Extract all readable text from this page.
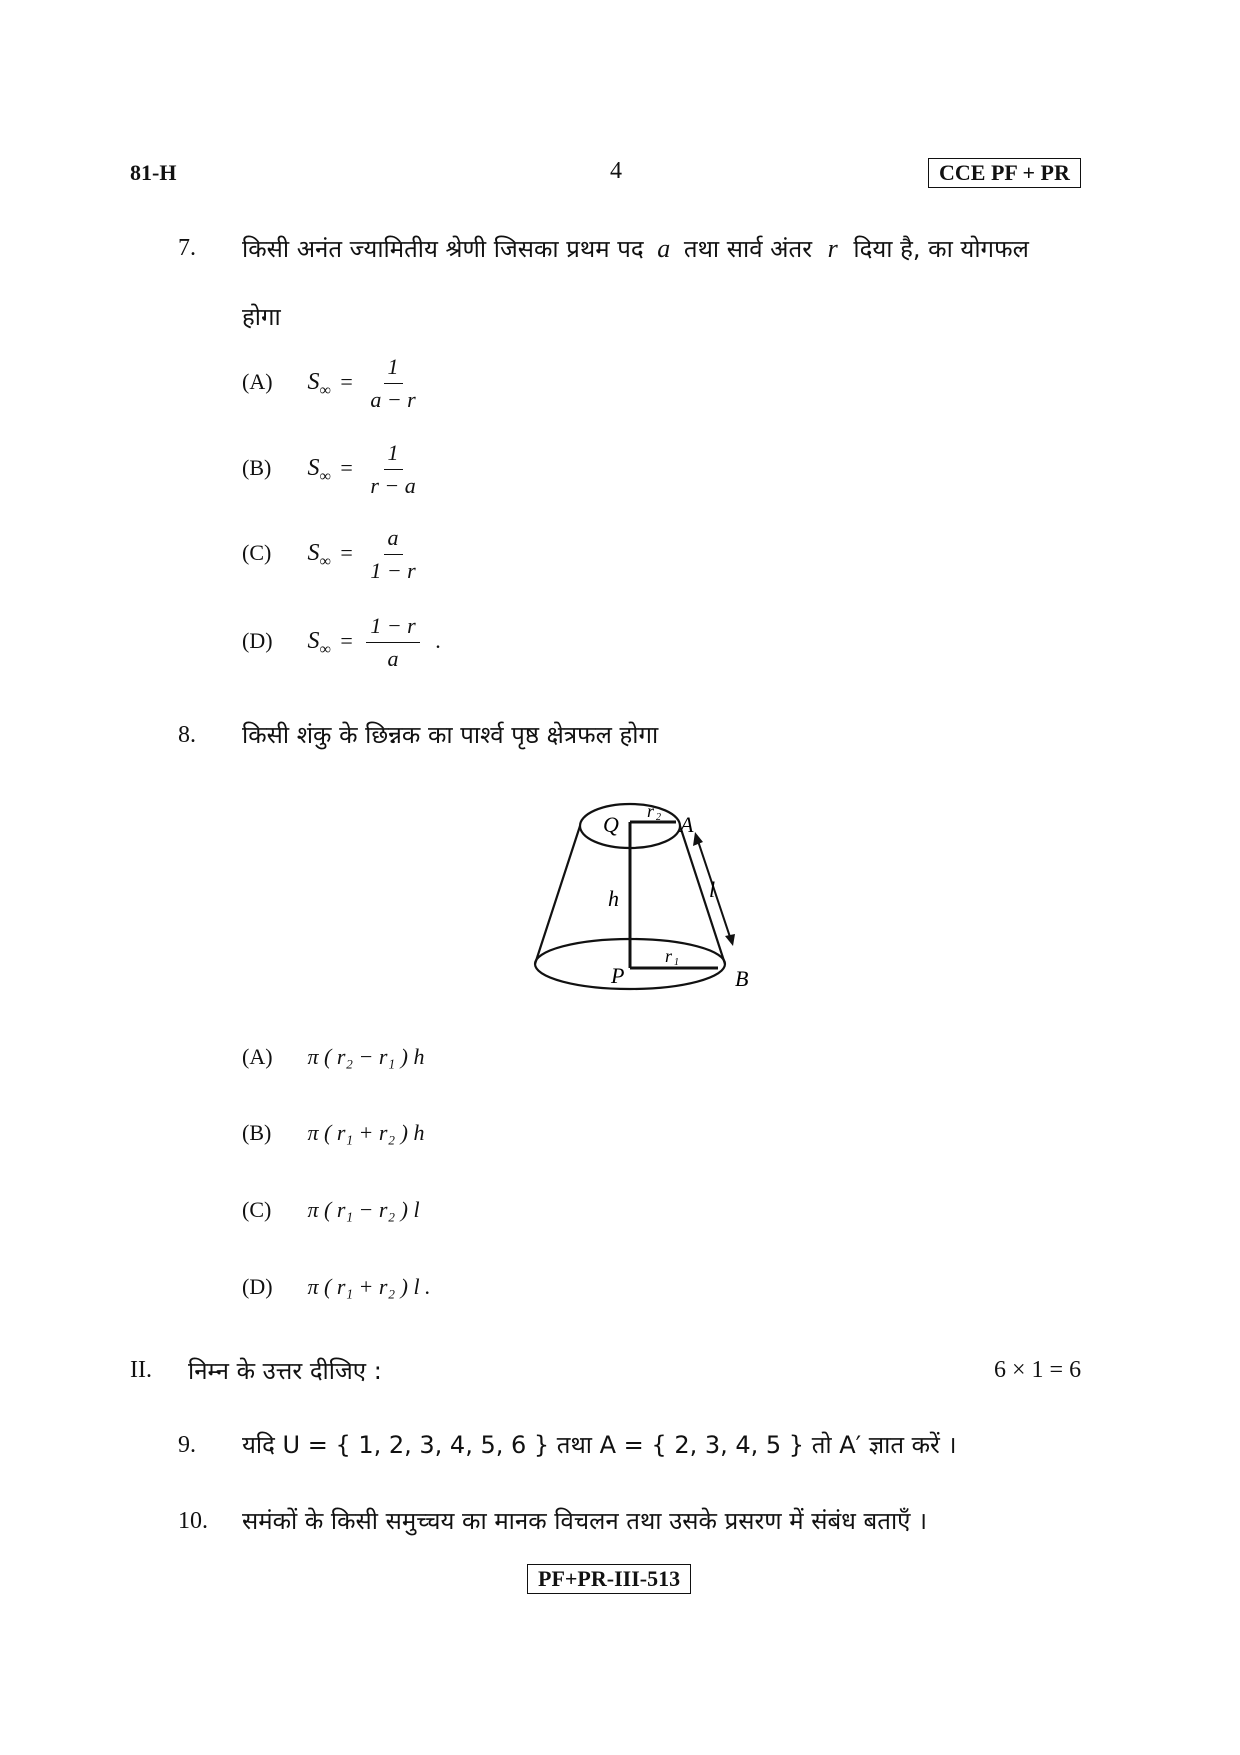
81-H	4	CCE PF + PR
7. किसी अनंत ज्यामितीय श्रेणी जिसका प्रथम पद a तथा सार्व अंतर r दिया है, का योगफल
होगा
(A) $S_\infty = \frac{1}{a - r}$
(B) $S_\infty = \frac{1}{r - a}$
(C) $S_\infty = \frac{a}{1 - r}$
(D) $S_\infty = \frac{1 - r}{a}$ .
8. किसी शंकु के छिन्नक का पार्श्व पृष्ठ क्षेत्रफल होगा
Q	A
r 2
h	l
P
r 1
B
(A) π ( r₂ − r₁ ) h
(B) π ( r₁ + r₂ ) h
(C) π ( r₁ − r₂ ) l
(D) π ( r₁ + r₂ ) l .
II. निम्न के उत्तर दीजिए :	6 × 1 = 6
9. यदि U = { 1, 2, 3, 4, 5, 6 } तथा A = { 2, 3, 4, 5 } तो A′ ज्ञात करें ।
10. समंकों के किसी समुच्चय का मानक विचलन तथा उसके प्रसरण में संबंध बताएँ ।
PF+PR-III-513
